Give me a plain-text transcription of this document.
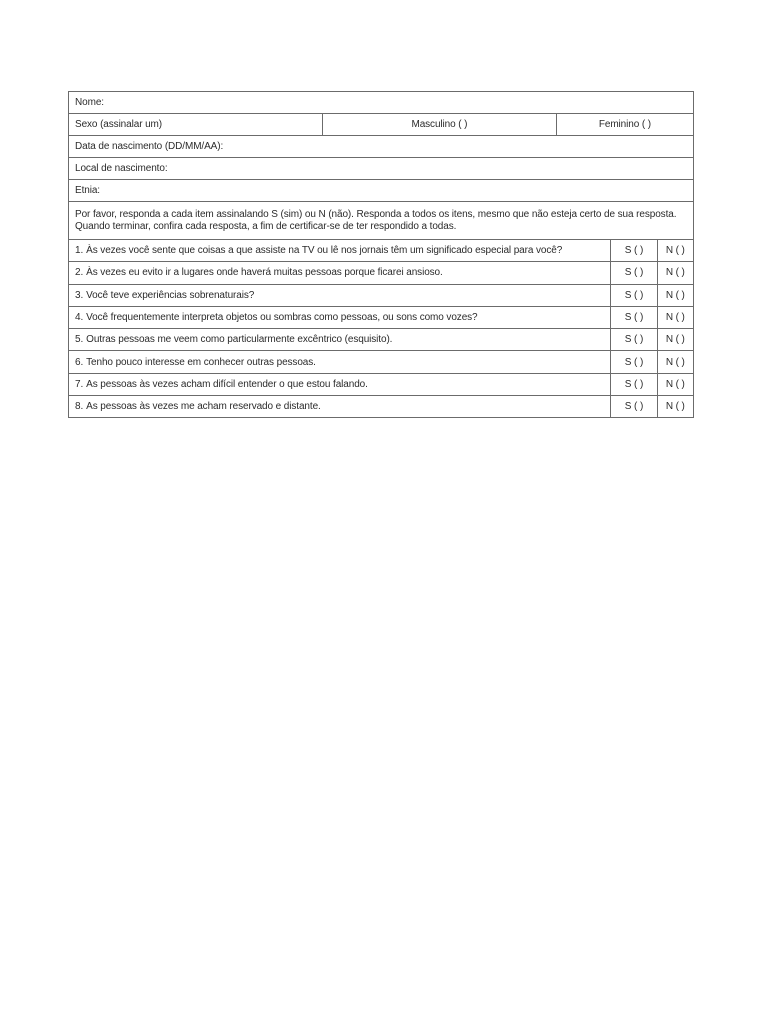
Nome:				
Sexo (assinalar um)	Masculino ( )	Feminino ( )		
Data de nascimento (DD/MM/AA):				
Local de nascimento:				
Etnia:				
Por favor, responda a cada item assinalando S (sim) ou N (não). Responda a todos os itens, mesmo que não esteja certo de sua resposta. Quando terminar, confira cada resposta, a fim de certificar-se de ter respondido a todas.				
1. Às vezes você sente que coisas a que assiste na TV ou lê nos jornais têm um significado especial para você?			S ( )	N ( )
2. Às vezes eu evito ir a lugares onde haverá muitas pessoas porque ficarei ansioso.			S ( )	N ( )
3. Você teve experiências sobrenaturais?			S ( )	N ( )
4. Você frequentemente interpreta objetos ou sombras como pessoas, ou sons como vozes?			S ( )	N ( )
5. Outras pessoas me veem como particularmente excêntrico (esquisito).			S ( )	N ( )
6. Tenho pouco interesse em conhecer outras pessoas.			S ( )	N ( )
7. As pessoas às vezes acham difícil entender o que estou falando.			S ( )	N ( )
8. As pessoas às vezes me acham reservado e distante.			S ( )	N ( )
